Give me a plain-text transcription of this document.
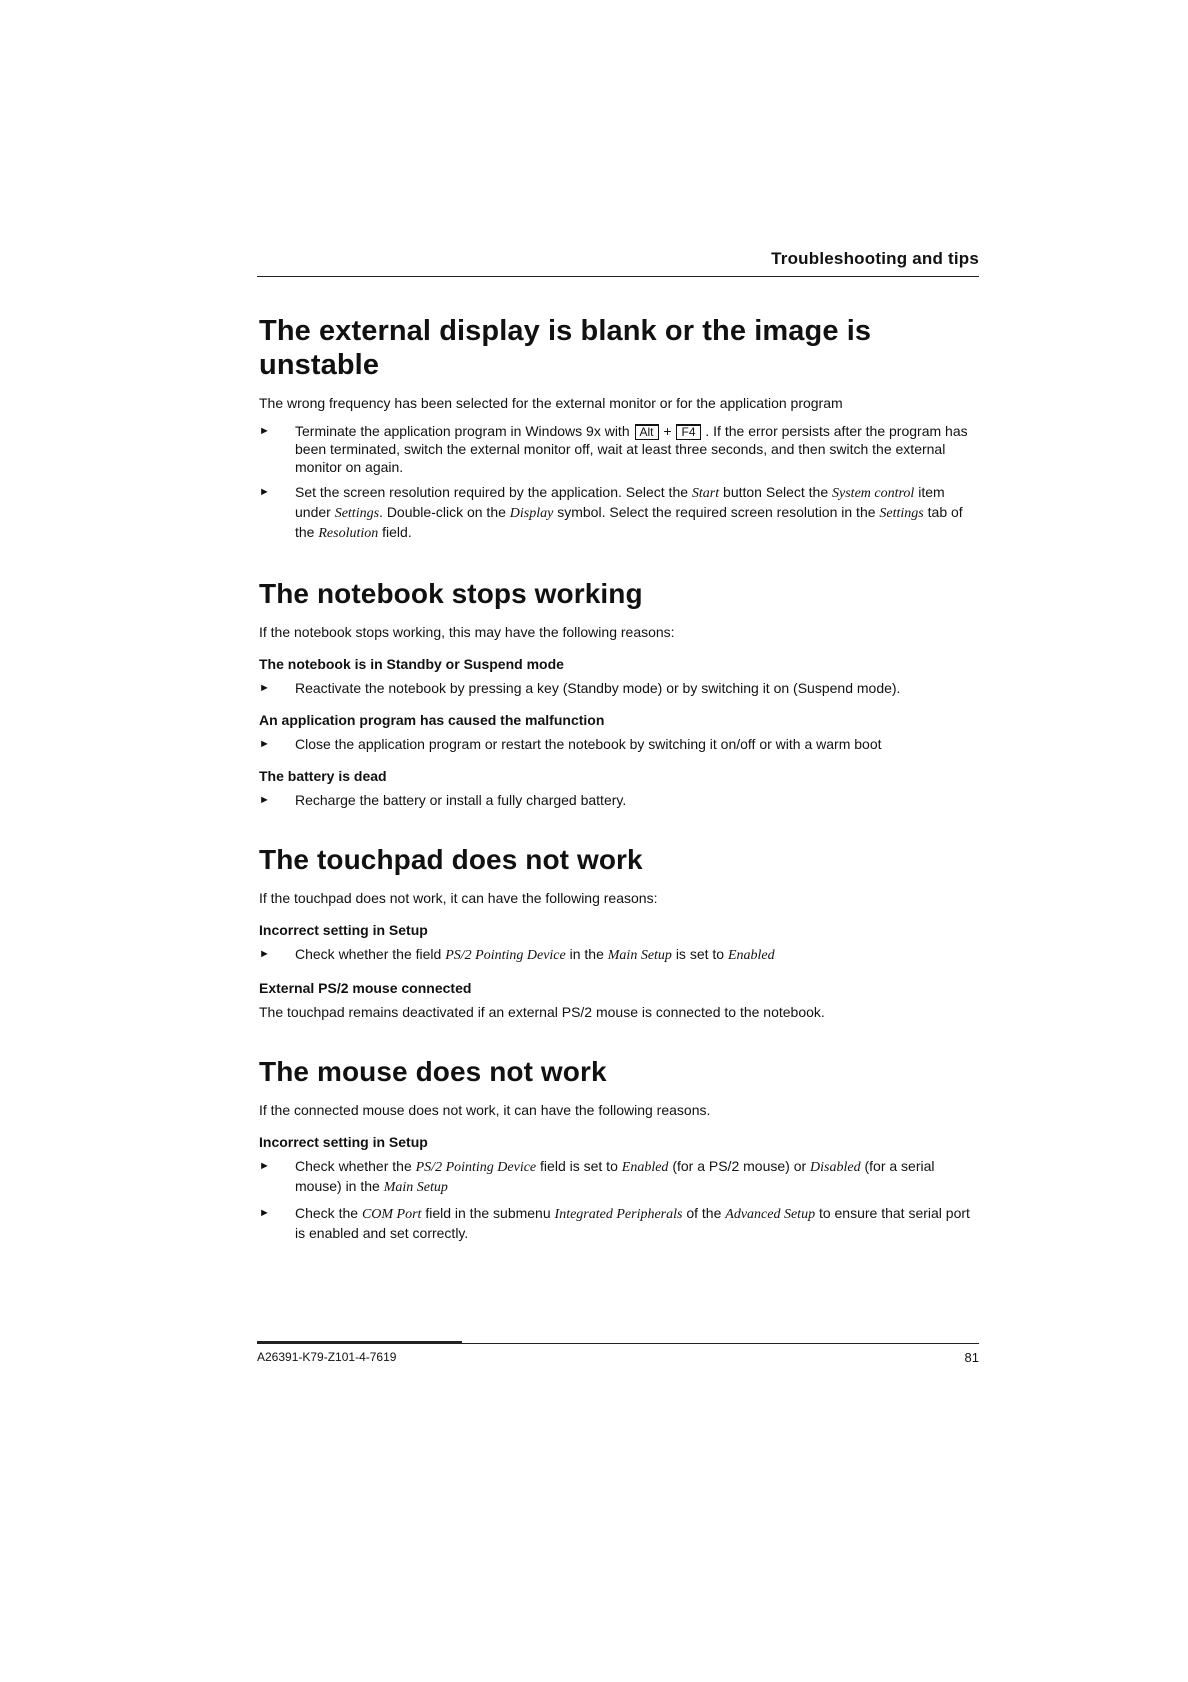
Troubleshooting and tips
The external display is blank or the image is unstable

The wrong frequency has been selected for the external monitor or for the application program

► Terminate the application program in Windows 9x with Alt + F4 . If the error persists after the program has been terminated, switch the external monitor off, wait at least three seconds, and then switch the external monitor on again.
► Set the screen resolution required by the application. Select the Start button Select the System control item under Settings. Double-click on the Display symbol. Select the required screen resolution in the Settings tab of the Resolution field.
The notebook stops working

If the notebook stops working, this may have the following reasons:

The notebook is in Standby or Suspend mode
► Reactivate the notebook by pressing a key (Standby mode) or by switching it on (Suspend mode).
An application program has caused the malfunction
► Close the application program or restart the notebook by switching it on/off or with a warm boot
The battery is dead
► Recharge the battery or install a fully charged battery.
The touchpad does not work

If the touchpad does not work, it can have the following reasons:

Incorrect setting in Setup
► Check whether the field PS/2 Pointing Device in the Main Setup is set to Enabled
External PS/2 mouse connected

The touchpad remains deactivated if an external PS/2 mouse is connected to the notebook.

The mouse does not work

If the connected mouse does not work, it can have the following reasons.

Incorrect setting in Setup
► Check whether the PS/2 Pointing Device field is set to Enabled (for a PS/2 mouse) or Disabled (for a serial mouse) in the Main Setup
► Check the COM Port field in the submenu Integrated Peripherals of the Advanced Setup to ensure that serial port is enabled and set correctly.
A26391-K79-Z101-4-7619	81
